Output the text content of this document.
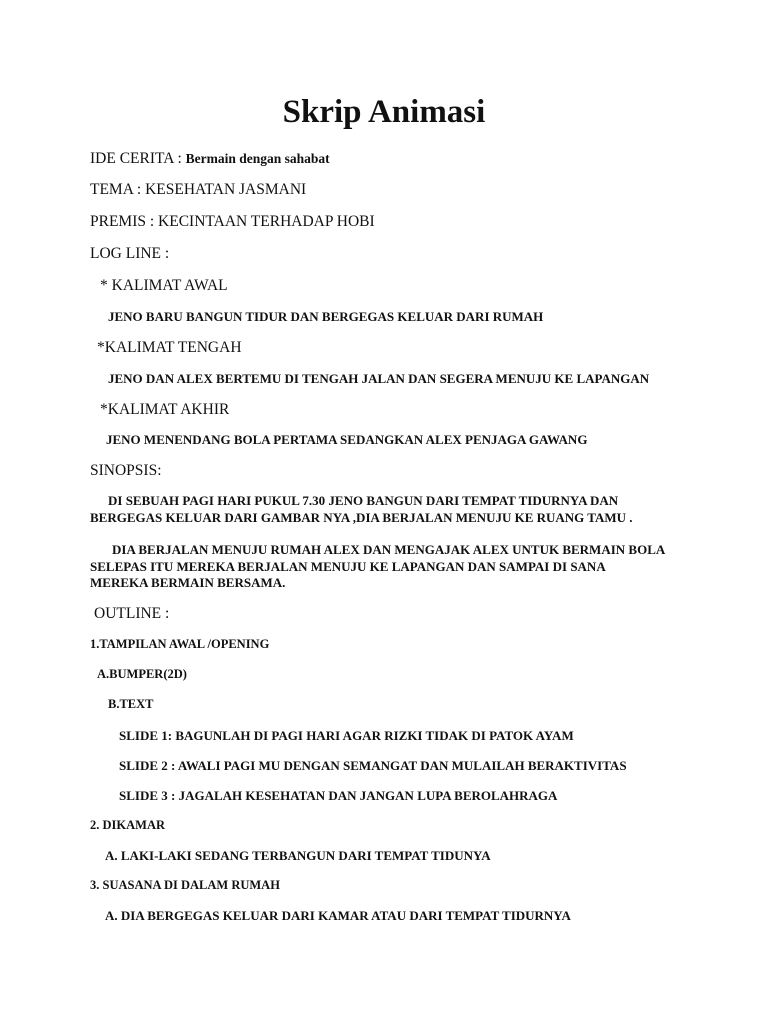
Skrip Animasi
IDE CERITA : Bermain dengan sahabat
TEMA : KESEHATAN JASMANI
PREMIS : KECINTAAN TERHADAP HOBI
LOG LINE :
* KALIMAT AWAL
JENO BARU BANGUN TIDUR DAN BERGEGAS KELUAR DARI RUMAH
*KALIMAT TENGAH
JENO DAN ALEX BERTEMU DI TENGAH JALAN DAN SEGERA MENUJU KE LAPANGAN
*KALIMAT AKHIR
JENO MENENDANG BOLA PERTAMA SEDANGKAN ALEX PENJAGA GAWANG
SINOPSIS:
DI SEBUAH PAGI HARI PUKUL 7.30 JENO BANGUN DARI TEMPAT TIDURNYA DAN BERGEGAS KELUAR DARI GAMBAR NYA ,DIA BERJALAN MENUJU KE RUANG TAMU .
DIA BERJALAN MENUJU RUMAH ALEX DAN MENGAJAK ALEX UNTUK BERMAIN BOLA SELEPAS ITU MEREKA BERJALAN MENUJU KE LAPANGAN DAN SAMPAI DI SANA MEREKA BERMAIN BERSAMA.
OUTLINE :
1.TAMPILAN AWAL /OPENING
A.BUMPER(2D)
B.TEXT
SLIDE 1: BAGUNLAH DI PAGI HARI AGAR RIZKI TIDAK DI PATOK AYAM
SLIDE 2 : AWALI PAGI MU DENGAN SEMANGAT DAN MULAILAH BERAKTIVITAS
SLIDE 3 : JAGALAH KESEHATAN DAN JANGAN LUPA BEROLAHRAGA
2. DIKAMAR
A. LAKI-LAKI SEDANG TERBANGUN DARI TEMPAT TIDUNYA
3. SUASANA DI DALAM RUMAH
A. DIA BERGEGAS KELUAR DARI KAMAR ATAU DARI TEMPAT TIDURNYA
